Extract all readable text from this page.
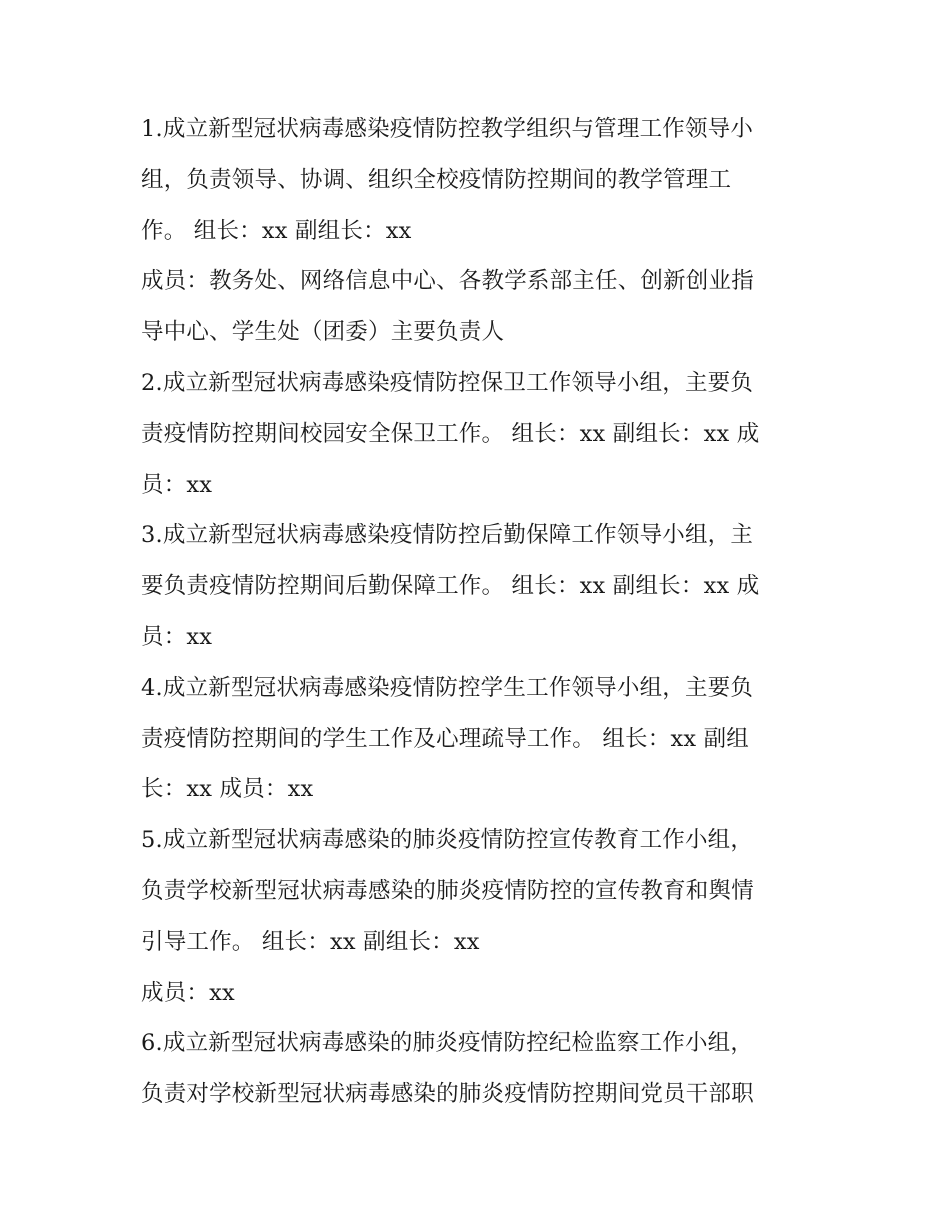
1.成立新型冠状病毒感染疫情防控教学组织与管理工作领导小

组，负责领导、协调、组织全校疫情防控期间的教学管理工

作。 组长：xx 副组长：xx

成员：教务处、网络信息中心、各教学系部主任、创新创业指

导中心、学生处（团委）主要负责人

2.成立新型冠状病毒感染疫情防控保卫工作领导小组，主要负

责疫情防控期间校园安全保卫工作。 组长：xx 副组长：xx 成

员：xx

3.成立新型冠状病毒感染疫情防控后勤保障工作领导小组，主

要负责疫情防控期间后勤保障工作。 组长：xx 副组长：xx 成

员：xx

4.成立新型冠状病毒感染疫情防控学生工作领导小组，主要负

责疫情防控期间的学生工作及心理疏导工作。 组长：xx 副组

长：xx 成员：xx

5.成立新型冠状病毒感染的肺炎疫情防控宣传教育工作小组，

负责学校新型冠状病毒感染的肺炎疫情防控的宣传教育和舆情

引导工作。 组长：xx 副组长：xx

成员：xx

6.成立新型冠状病毒感染的肺炎疫情防控纪检监察工作小组，

负责对学校新型冠状病毒感染的肺炎疫情防控期间党员干部职
